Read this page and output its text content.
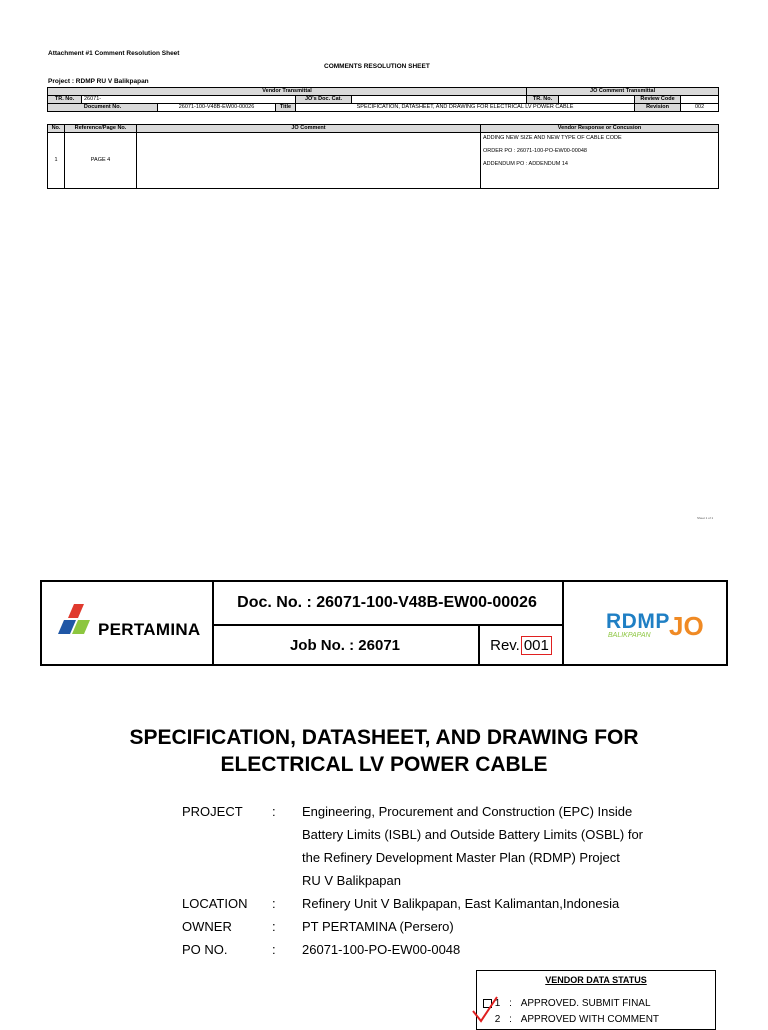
Attachment #1 Comment Resolution Sheet
COMMENTS RESOLUTION SHEET
Project : RDMP RU V Balikpapan
Vendor Transmittal						JO Comment Transmittal			
TR. No.	26071-			JO's Doc. Cat.		TR. No.		Review Code	
Document No.		26071-100-V48B-EW00-00026	Title	SPECIFICATION, DATASHEET, AND DRAWING FOR ELECTRICAL LV POWER CABLE				Revision	002
No.	Reference/Page No.	JO Comment	Vendor Response or Concusion
1	PAGE 4		ADDING NEW SIZE AND NEW TYPE OF CABLE CODE
ORDER PO : 26071-100-PO-EW00-00048
ADDENDUM PO : ADDENDUM 14
Sheet 1 of 1
PERTAMINA
Doc. No. : 26071-100-V48B-EW00-00026
Job No. : 26071	Rev. 001
RDMP
BALIKPAPAN JO
SPECIFICATION, DATASHEET, AND DRAWING FOR
ELECTRICAL LV POWER CABLE
PROJECT	:	Engineering, Procurement and Construction (EPC) Inside
Battery Limits (ISBL) and Outside Battery Limits (OSBL) for
the Refinery Development Master Plan (RDMP) Project
RU V Balikpapan
LOCATION	:	Refinery Unit V Balikpapan, East Kalimantan,Indonesia
OWNER	:	PT PERTAMINA (Persero)
PO NO.	:	26071-100-PO-EW00-0048
VENDOR DATA STATUS
1 : APPROVED. SUBMIT FINAL
2 : APPROVED WITH COMMENT
